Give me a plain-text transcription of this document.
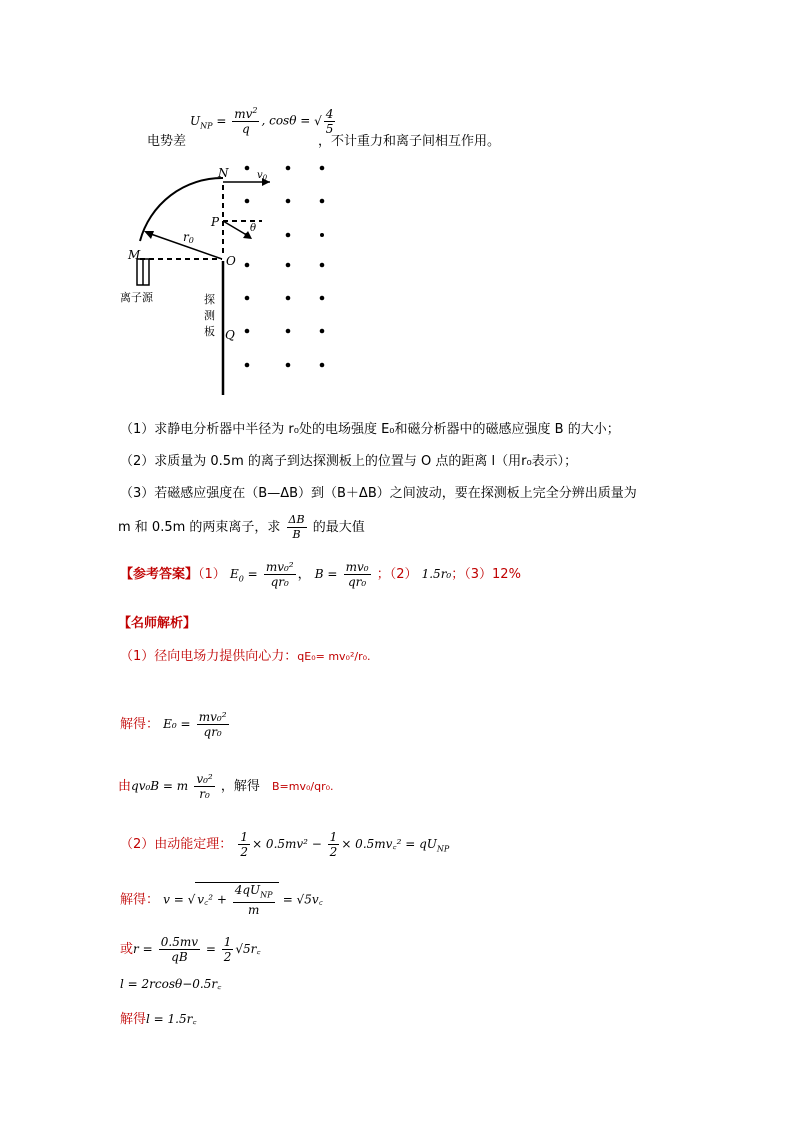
电势差
$U_{NP} = \frac{mv^2}{q}$ , cosθ = √ $\frac{4}{5}$
，不计重力和离子间相互作用。
N	$v_0$
P	θ
r0
M	O
Q
离子源	探
测
板
（1）求静电分析器中半径为 r₀处的电场强度 E₀和磁分析器中的磁感应强度 B 的大小；
（2）求质量为 0.5m 的离子到达探测板上的位置与 O 点的距离 l（用r₀表示）；
（3）若磁感应强度在（B—ΔB）到（B＋ΔB）之间波动，要在探测板上完全分辨出质量为
m 和 0.5m 的两束离子，求 $\frac{\Delta B}{B}$ 的最大值
【参考答案】（1） $E_0 = \frac{\text{mv₀²}}{\text{qr₀}}$ ， $B = \frac{\text{mv₀}}{\text{qr₀}}$ ；（2） 1.5r₀；（3）12%
【名师解析】
（1）径向电场力提供向心力：qE₀= mv₀²/r₀.
解得： $E_0 = \frac{\text{mv₀²}}{\text{qr₀}}$
由qv₀B = m $\frac{\text{v₀²}}{\text{r₀}}$ ，解得 B=mv₀/qr₀.
（2）由动能定理： $\frac{1}{2} \times 0.5mv^2 - \frac{1}{2}$ × 0.5mv꜀² = $qU_{NP}$
解得： v = √ v꜀² + $\frac{4qU_{NP}}{m}$ = √5v꜀
或$r = \frac{0.5mv}{qB} = \frac{1}{2}$ √5r꜀
l = 2rcosθ−0.5r꜀
解得l = 1.5r꜀
